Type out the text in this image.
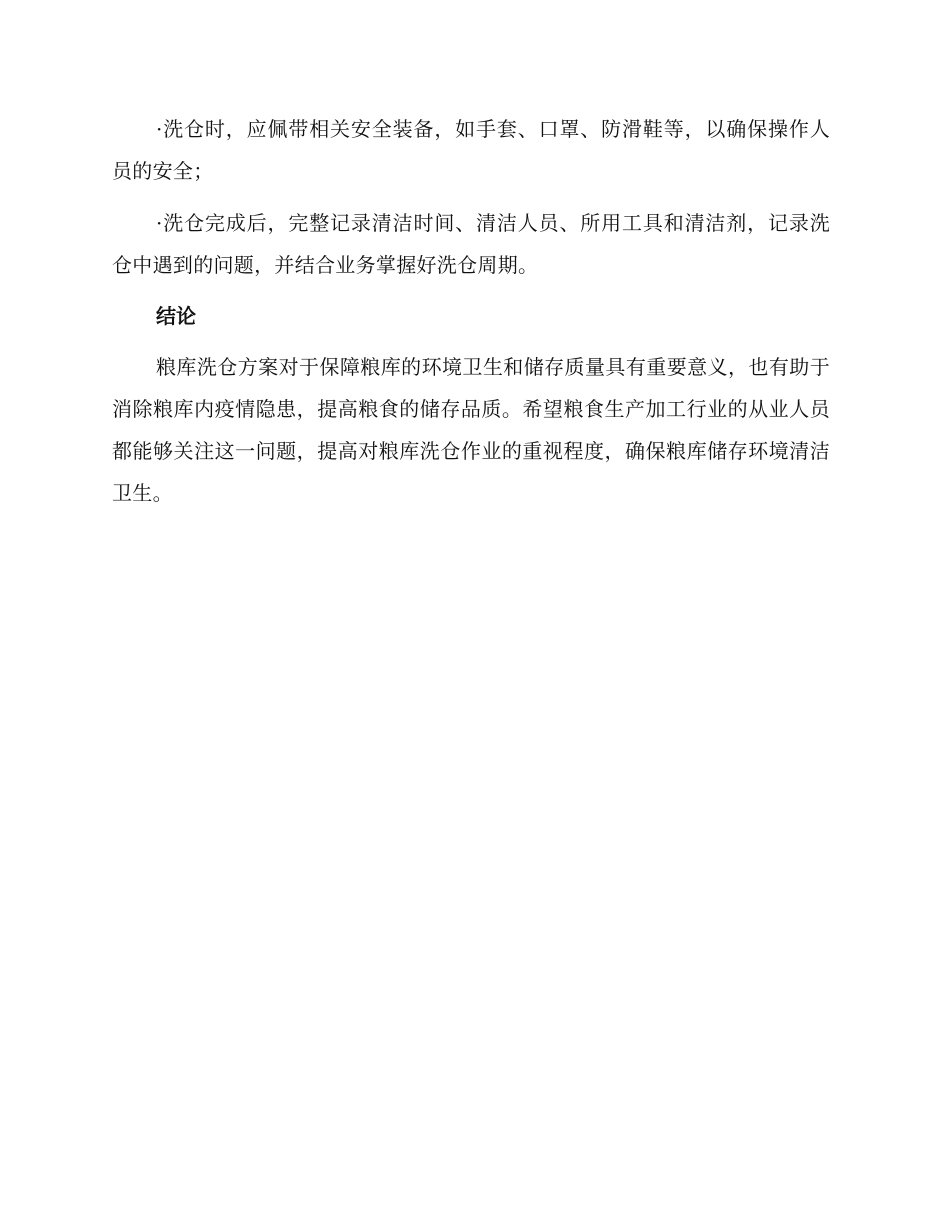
·洗仓时，应佩带相关安全装备，如手套、口罩、防滑鞋等，以确保操作人员的安全；

·洗仓完成后，完整记录清洁时间、清洁人员、所用工具和清洁剂，记录洗仓中遇到的问题，并结合业务掌握好洗仓周期。

结论

粮库洗仓方案对于保障粮库的环境卫生和储存质量具有重要意义，也有助于消除粮库内疫情隐患，提高粮食的储存品质。希望粮食生产加工行业的从业人员都能够关注这一问题，提高对粮库洗仓作业的重视程度，确保粮库储存环境清洁卫生。
